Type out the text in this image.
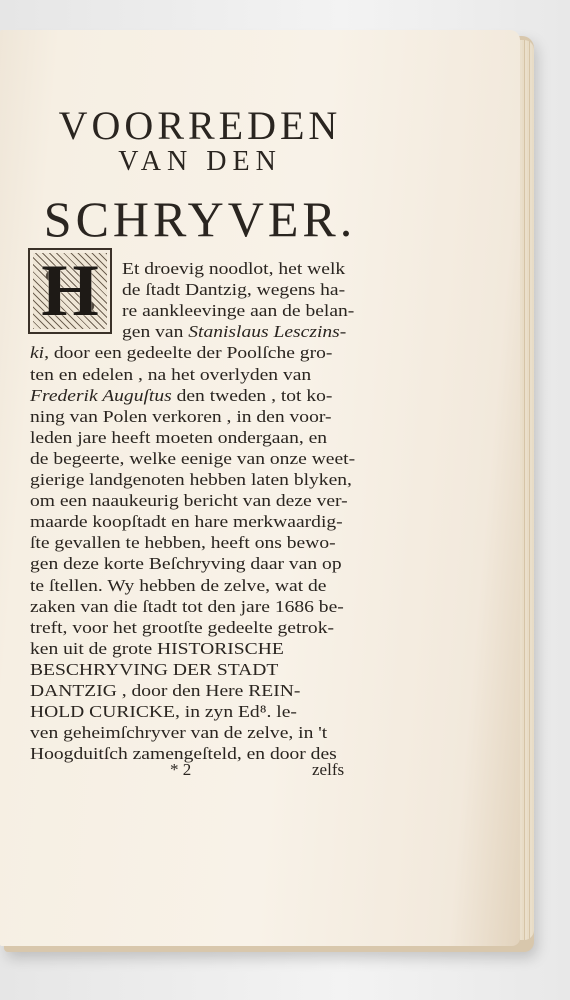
VOORREDEN
VAN DEN
SCHRYVER.
H	Et droevig noodlot, het welk
de ſtadt Dantzig, wegens ha-
re aankleevinge aan de belan-
gen van Stanislaus Lesczins-
ki, door een gedeelte der Poolſche gro-
ten en edelen , na het overlyden van
Frederik Auguſtus den tweden , tot ko-
ning van Polen verkoren , in den voor-
leden jare heeft moeten ondergaan, en
de begeerte, welke eenige van onze weet-
gierige landgenoten hebben laten blyken,
om een naaukeurig bericht van deze ver-
maarde koopſtadt en hare merkwaardig-
ſte gevallen te hebben, heeft ons bewo-
gen deze korte Beſchryving daar van op
te ſtellen. Wy hebben de zelve, wat de
zaken van die ſtadt tot den jare 1686 be-
treft, voor het grootſte gedeelte getrok-
ken uit de grote HISTORISCHE
BESCHRYVING DER STADT
DANTZIG , door den Here REIN-
HOLD CURICKE, in zyn Ed⁸. le-
ven geheimſchryver van de zelve, in 't
Hoogduitſch zamengeſteld, en door des
* 2	zelfs
